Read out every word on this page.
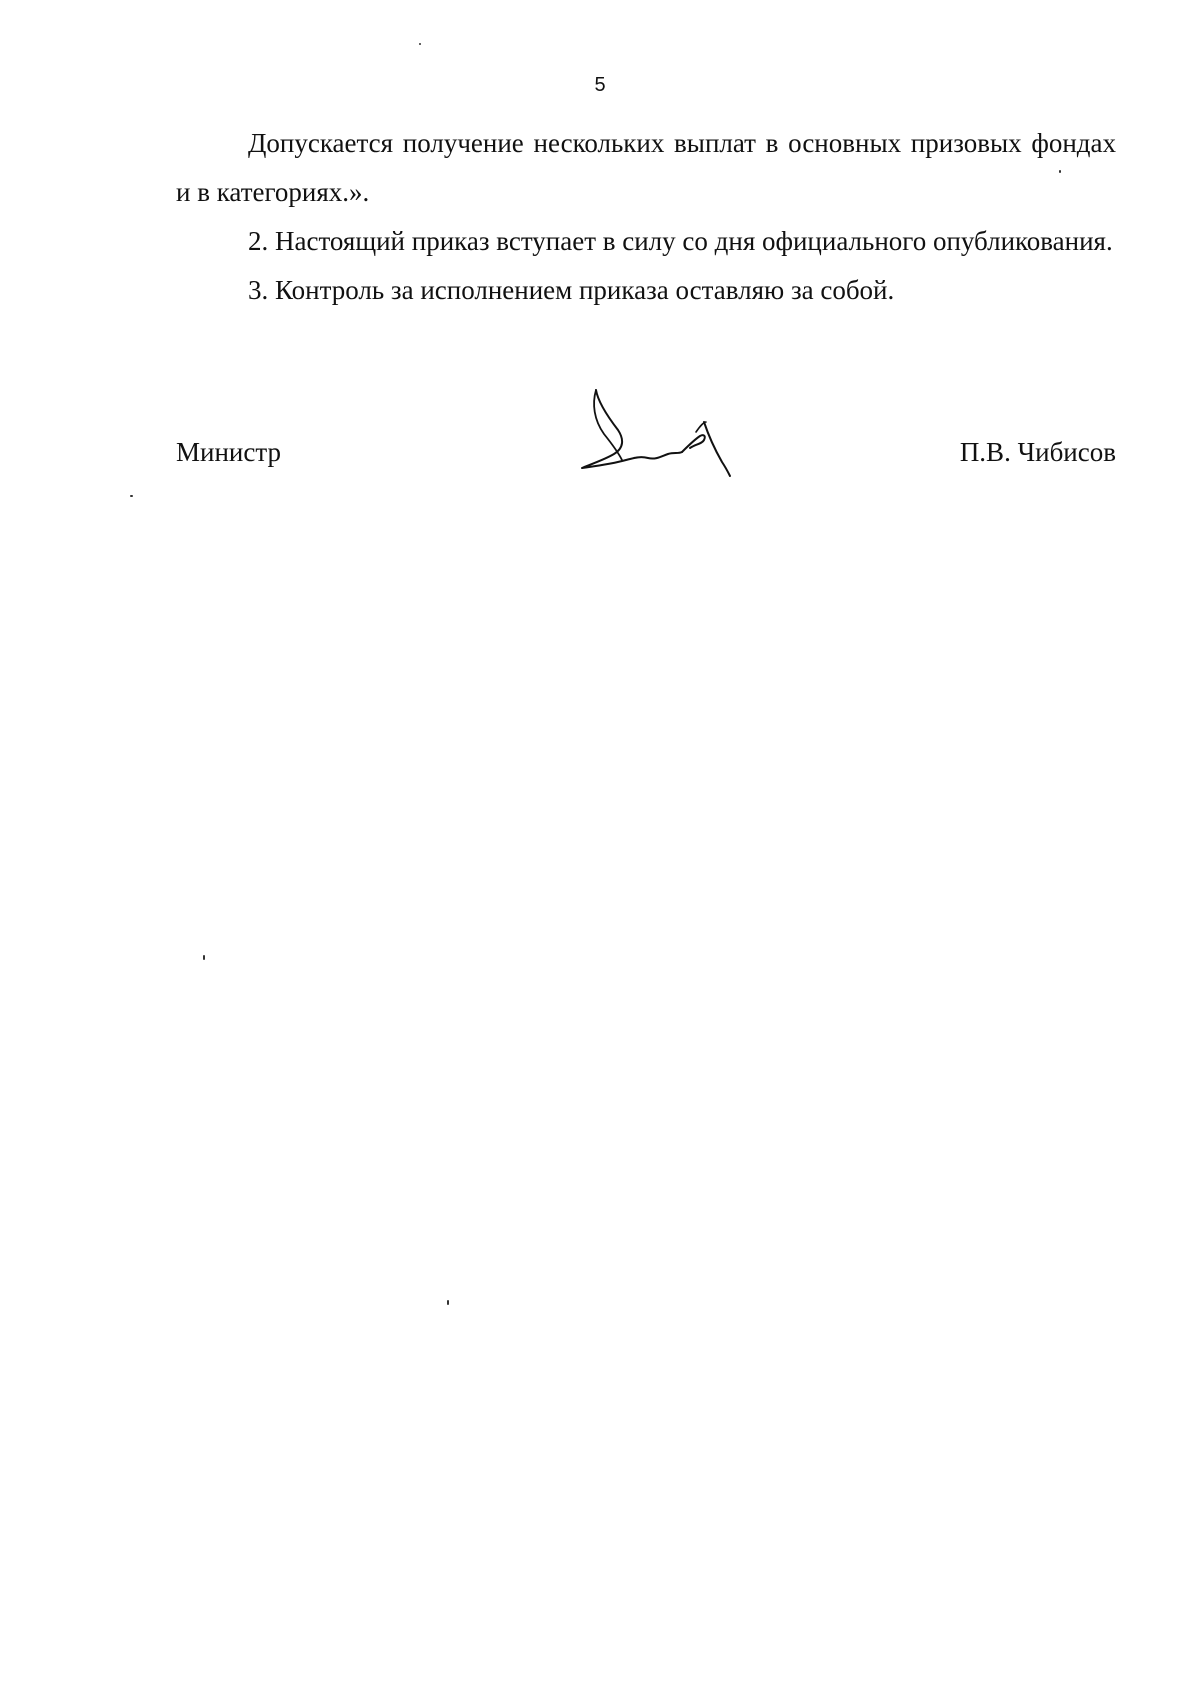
5

Допускается получение нескольких выплат в основных призовых фондах и в категориях.».

2. Настоящий приказ вступает в силу со дня официального опубликования.

3. Контроль за исполнением приказа оставляю за собой.

Министр	П.В. Чибисов
